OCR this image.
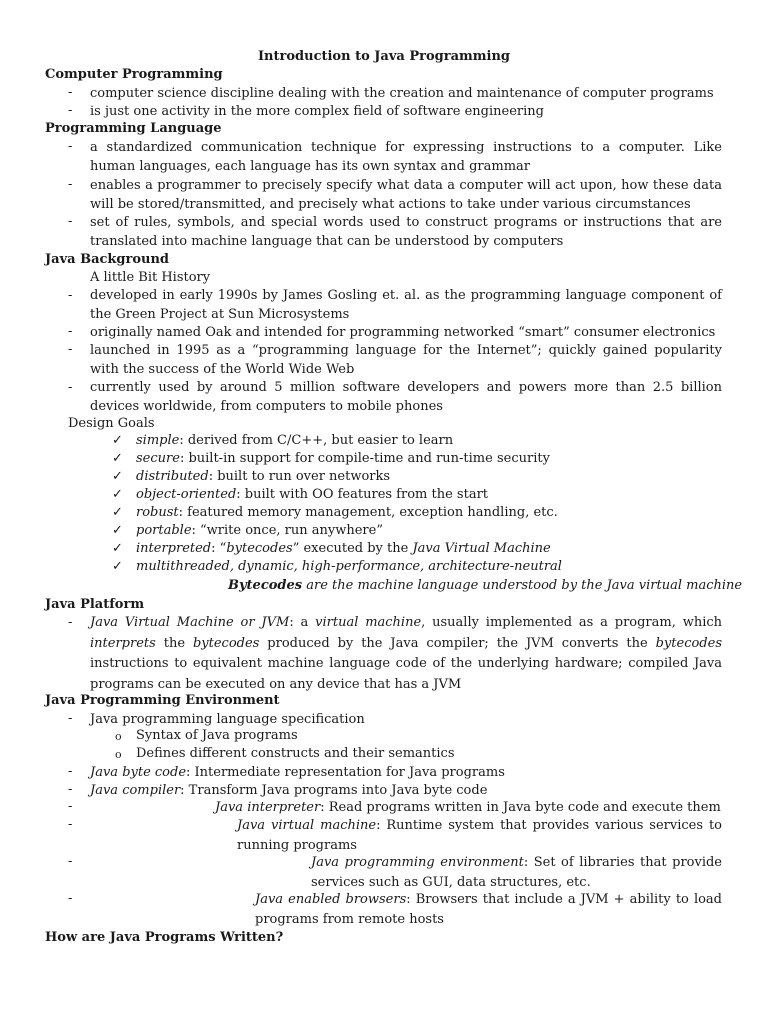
Introduction to Java Programming
Computer Programming
- computer science discipline dealing with the creation and maintenance of computer programs
- is just one activity in the more complex field of software engineering
Programming Language
- a standardized communication technique for expressing instructions to a computer. Like human languages, each language has its own syntax and grammar
- enables a programmer to precisely specify what data a computer will act upon, how these data will be stored/transmitted, and precisely what actions to take under various circumstances
- set of rules, symbols, and special words used to construct programs or instructions that are translated into machine language that can be understood by computers
Java Background
A little Bit History
- developed in early 1990s by James Gosling et. al. as the programming language component of the Green Project at Sun Microsystems
- originally named Oak and intended for programming networked “smart” consumer electronics
- launched in 1995 as a “programming language for the Internet”; quickly gained popularity with the success of the World Wide Web
- currently used by around 5 million software developers and powers more than 2.5 billion devices worldwide, from computers to mobile phones
Design Goals
✓ simple: derived from C/C++, but easier to learn
✓ secure: built-in support for compile-time and run-time security
✓ distributed: built to run over networks
✓ object-oriented: built with OO features from the start
✓ robust: featured memory management, exception handling, etc.
✓ portable: “write once, run anywhere”
✓ interpreted: “bytecodes” executed by the Java Virtual Machine
✓ multithreaded, dynamic, high-performance, architecture-neutral
Bytecodes are the machine language understood by the Java virtual machine
Java Platform
- Java Virtual Machine or JVM: a virtual machine, usually implemented as a program, which interprets the bytecodes produced by the Java compiler; the JVM converts the bytecodes instructions to equivalent machine language code of the underlying hardware; compiled Java programs can be executed on any device that has a JVM
Java Programming Environment
- Java programming language specification
o Syntax of Java programs
o Defines different constructs and their semantics
- Java byte code: Intermediate representation for Java programs
- Java compiler: Transform Java programs into Java byte code
-	Java interpreter: Read programs written in Java byte code and execute them
-	Java virtual machine: Runtime system that provides various services to running programs
-	Java programming environment: Set of libraries that provide services such as GUI, data structures, etc.
-	Java enabled browsers: Browsers that include a JVM + ability to load programs from remote hosts
How are Java Programs Written?
